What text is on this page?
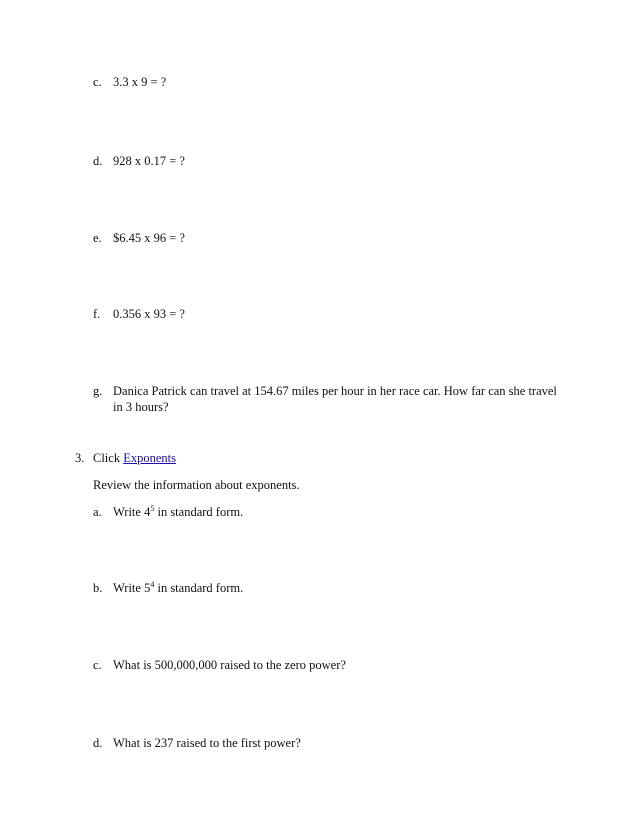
c. 3.3 x 9 = ?
d. 928 x 0.17 = ?
e. $6.45 x 96 = ?
f. 0.356 x 93 = ?
g. Danica Patrick can travel at 154.67 miles per hour in her race car. How far can she travel
in 3 hours?
3. Click Exponents
Review the information about exponents.
a. Write $4^5$ in standard form.
b. Write $5^4$ in standard form.
c. What is 500,000,000 raised to the zero power?
d. What is 237 raised to the first power?
